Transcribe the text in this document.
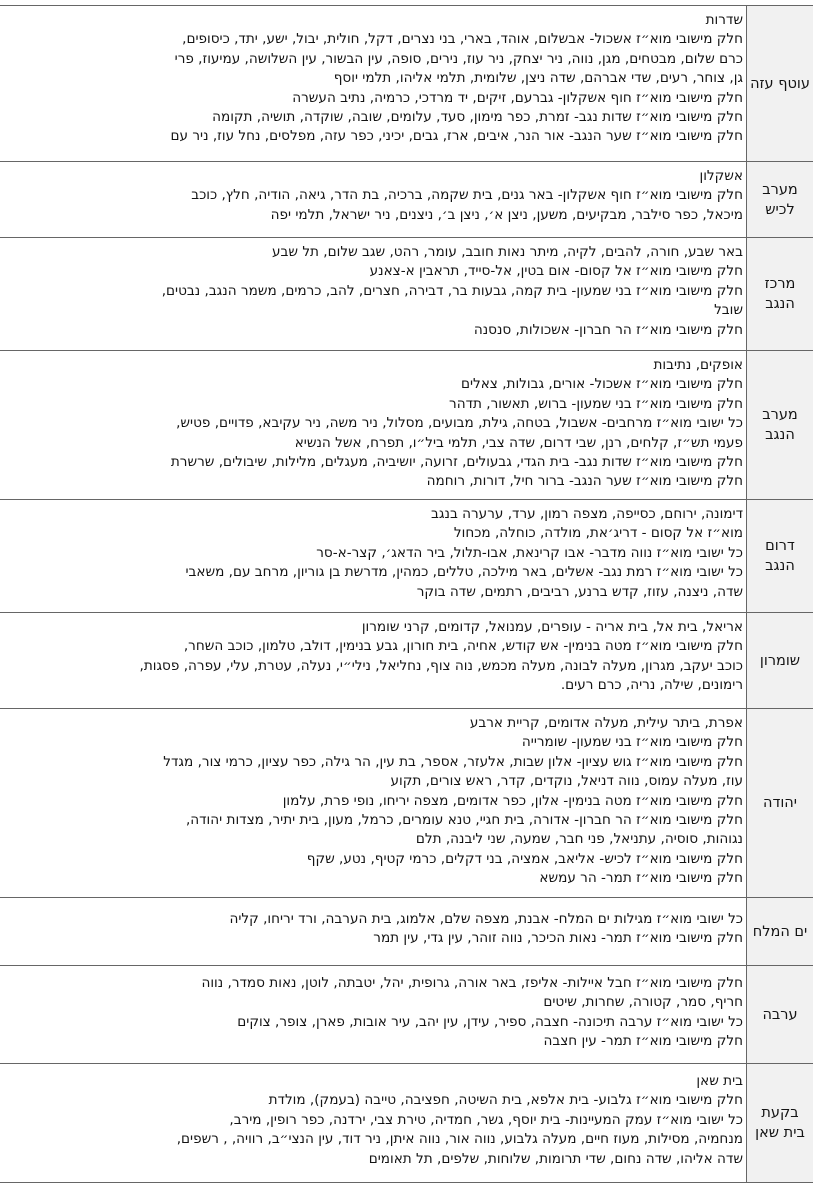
עוטף עזה
שדרות
חלק מישובי מוא״ז אשכול- אבשלום, אוהד, בארי, בני נצרים, דקל, חולית, יבול, ישע, יתד, כיסופים,
כרם שלום, מבטחים, מגן, נווה, ניר יצחק, ניר עוז, נירים, סופה, עין הבשור, עין השלושה, עמיעוז, פרי
גן, צוחר, רעים, שדי אברהם, שדה ניצן, שלומית, תלמי אליהו, תלמי יוסף
חלק מישובי מוא״ז חוף אשקלון- גברעם, זיקים, יד מרדכי, כרמיה, נתיב העשרה
חלק מישובי מוא״ז שדות נגב- זמרת, כפר מימון, סעד, עלומים, שובה, שוקדה, תושיה, תקומה
חלק מישובי מוא״ז שער הנגב- אור הנר, איבים, ארז, גבים, יכיני, כפר עזה, מפלסים, נחל עוז, ניר עם
מערב
לכיש
אשקלון
חלק מישובי מוא״ז חוף אשקלון- באר גנים, בית שקמה, ברכיה, בת הדר, גיאה, הודיה, חלץ, כוכב
מיכאל, כפר סילבר, מבקיעים, משען, ניצן א׳, ניצן ב׳, ניצנים, ניר ישראל, תלמי יפה
מרכז
הנגב
באר שבע, חורה, להבים, לקיה, מיתר נאות חובב, עומר, רהט, שגב שלום, תל שבע
חלק מישובי מוא״ז אל קסום- אום בטין, אל-סייד, תראבין א-צאנע
חלק מישובי מוא״ז בני שמעון- בית קמה, גבעות בר, דבירה, חצרים, להב, כרמים, משמר הנגב, נבטים,
שובל
חלק מישובי מוא״ז הר חברון- אשכולות, סנסנה
מערב
הנגב
אופקים, נתיבות
חלק מישובי מוא״ז אשכול- אורים, גבולות, צאלים
חלק מישובי מוא״ז בני שמעון- ברוש, תאשור, תדהר
כל ישובי מוא״ז מרחבים- אשבול, בטחה, גילת, מבועים, מסלול, ניר משה, ניר עקיבא, פדויים, פטיש,
פעמי תש״ז, קלחים, רנן, שבי דרום, שדה צבי, תלמי ביל״ו, תפרח, אשל הנשיא
חלק מישובי מוא״ז שדות נגב- בית הגדי, גבעולים, זרועה, יושיביה, מעגלים, מלילות, שיבולים, שרשרת
חלק מישובי מוא״ז שער הנגב- ברור חיל, דורות, רוחמה
דרום
הנגב
דימונה, ירוחם, כסייפה, מצפה רמון, ערד, ערערה בנגב
מוא״ז אל קסום - דריג׳את, מולדה, כוחלה, מכחול
כל ישובי מוא״ז נווה מדבר- אבו קרינאת, אבו-תלול, ביר הדאג׳, קצר-א-סר
כל ישובי מוא״ז רמת נגב- אשלים, באר מילכה, טללים, כמהין, מדרשת בן גוריון, מרחב עם, משאבי
שדה, ניצנה, עזוז, קדש ברנע, רביבים, רתמים, שדה בוקר
שומרון
אריאל, בית אל, בית אריה - עופרים, עמנואל, קדומים, קרני שומרון
חלק מישובי מוא״ז מטה בנימין- אש קודש, אחיה, בית חורון, גבע בנימין, דולב, טלמון, כוכב השחר,
כוכב יעקב, מגרון, מעלה לבונה, מעלה מכמש, נוה צוף, נחליאל, נילי״י, נעלה, עטרת, עלי, עפרה, פסגות,
רימונים, שילה, נריה, כרם רעים.
יהודה
אפרת, ביתר עילית, מעלה אדומים, קריית ארבע
חלק מישובי מוא״ז בני שמעון- שומרייה
חלק מישובי מוא״ז גוש עציון- אלון שבות, אלעזר, אספר, בת עין, הר גילה, כפר עציון, כרמי צור, מגדל
עוז, מעלה עמוס, נווה דניאל, נוקדים, קדר, ראש צורים, תקוע
חלק מישובי מוא״ז מטה בנימין- אלון, כפר אדומים, מצפה יריחו, נופי פרת, עלמון
חלק מישובי מוא״ז הר חברון- אדורה, בית חגיי, טנא עומרים, כרמל, מעון, בית יתיר, מצדות יהודה,
נגוהות, סוסיה, עתניאל, פני חבר, שמעה, שני ליבנה, תלם
חלק מישובי מוא״ז לכיש- אליאב, אמציה, בני דקלים, כרמי קטיף, נטע, שקף
חלק מישובי מוא״ז תמר- הר עמשא
ים המלח
כל ישובי מוא״ז מגילות ים המלח- אבנת, מצפה שלם, אלמוג, בית הערבה, ורד יריחו, קליה
חלק מישובי מוא״ז תמר- נאות הכיכר, נווה זוהר, עין גדי, עין תמר
ערבה
חלק מישובי מוא״ז חבל איילות- אליפז, באר אורה, גרופית, יהל, יטבתה, לוטן, נאות סמדר, נווה
חריף, סמר, קטורה, שחרות, שיטים
כל ישובי מוא״ז ערבה תיכונה- חצבה, ספיר, עידן, עין יהב, עיר אובות, פארן, צופר, צוקים
חלק מישובי מוא״ז תמר- עין חצבה
בקעת
בית שאן
בית שאן
חלק מישובי מוא״ז גלבוע- בית אלפא, בית השיטה, חפציבה, טייבה (בעמק), מולדת
כל ישובי מוא״ז עמק המעיינות- בית יוסף, גשר, חמדיה, טירת צבי, ירדנה, כפר רופין, מירב,
מנחמיה, מסילות, מעוז חיים, מעלה גלבוע, נווה אור, נווה איתן, ניר דוד, עין הנצי״ב, רוויה, , רשפים,
שדה אליהו, שדה נחום, שדי תרומות, שלוחות, שלפים, תל תאומים
